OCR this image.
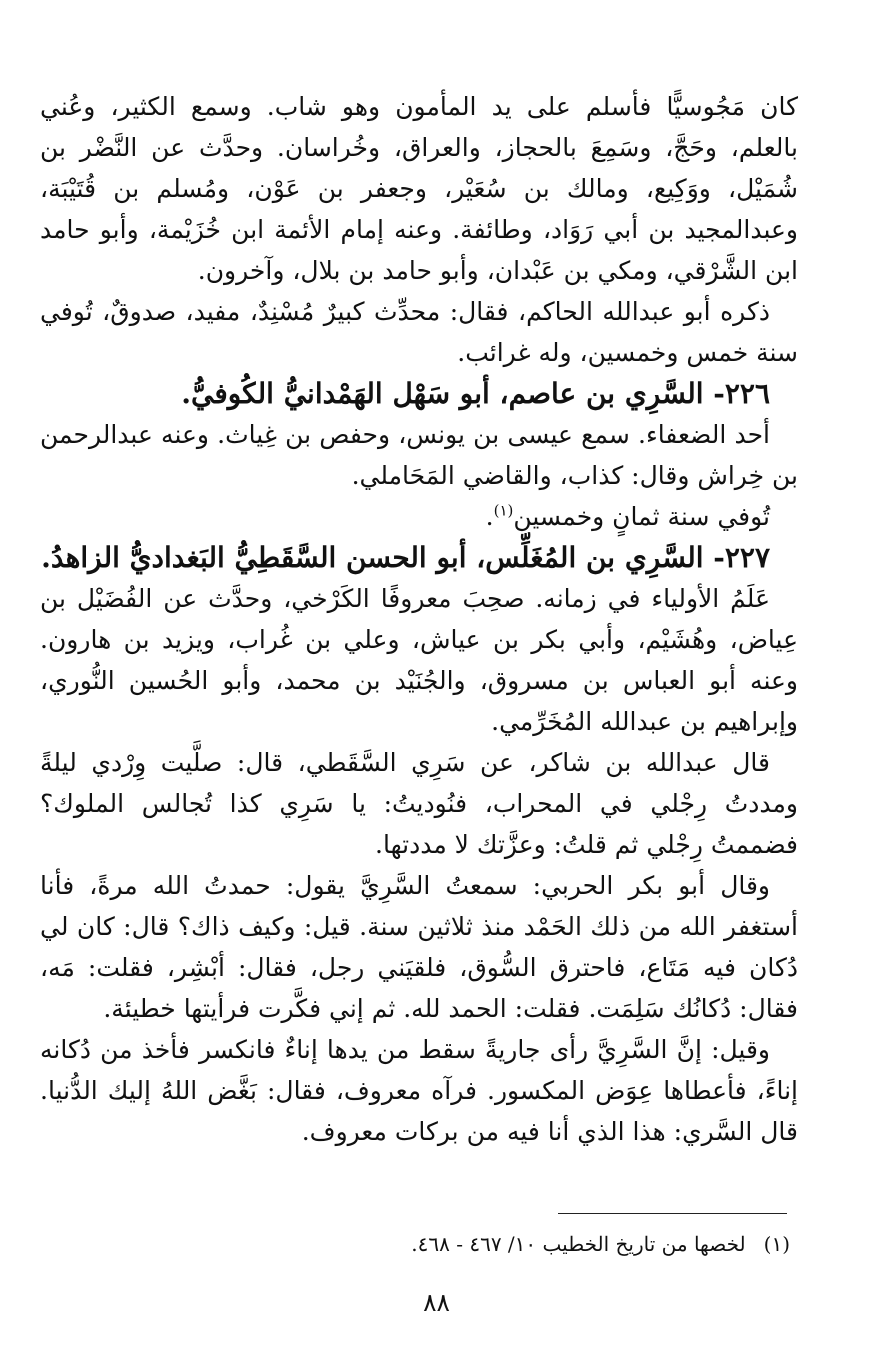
كان مَجُوسيًّا فأسلم على يد المأمون وهو شاب. وسمع الكثير، وعُني بالعلم، وحَجَّ، وسَمِعَ بالحجاز، والعراق، وخُراسان. وحدَّث عن النَّضْر بن شُمَيْل، ووَكِيع، ومالك بن سُعَيْر، وجعفر بن عَوْن، ومُسلم بن قُتَيْبَة، وعبدالمجيد بن أبي رَوَاد، وطائفة. وعنه إمام الأئمة ابن خُزَيْمة، وأبو حامد ابن الشَّرْقي، ومكي بن عَبْدان، وأبو حامد بن بلال، وآخرون.

ذكره أبو عبدالله الحاكم، فقال: محدِّث كبيرٌ مُسْنِدٌ، مفيد، صدوقٌ، تُوفي سنة خمس وخمسين، وله غرائب.

٢٢٦- السَّرِي بن عاصم، أبو سَهْل الهَمْدانيُّ الكُوفيُّ.

أحد الضعفاء. سمع عيسى بن يونس، وحفص بن غِياث. وعنه عبدالرحمن بن خِراش وقال: كذاب، والقاضي المَحَاملي.

تُوفي سنة ثمانٍ وخمسين$^{(١)}$.

٢٢٧- السَّرِي بن المُغَلِّس، أبو الحسن السَّقَطِيُّ البَغداديُّ الزاهدُ.

عَلَمُ الأولياء في زمانه. صحِبَ معروفًا الكَرْخي، وحدَّث عن الفُضَيْل بن عِياض، وهُشَيْم، وأبي بكر بن عياش، وعلي بن غُراب، ويزيد بن هارون. وعنه أبو العباس بن مسروق، والجُنَيْد بن محمد، وأبو الحُسين النُّوري، وإبراهيم بن عبدالله المُخَرِّمي.

قال عبدالله بن شاكر، عن سَرِي السَّقَطي، قال: صلَّيت وِرْدي ليلةً ومددتُ رِجْلي في المحراب، فنُوديتُ: يا سَرِي كذا تُجالس الملوك؟ فضممتُ رِجْلي ثم قلتُ: وعزَّتك لا مددتها.

وقال أبو بكر الحربي: سمعتُ السَّرِيَّ يقول: حمدتُ الله مرةً، فأنا أستغفر الله من ذلك الحَمْد منذ ثلاثين سنة. قيل: وكيف ذاك؟ قال: كان لي دُكان فيه مَتَاع، فاحترق السُّوق، فلقيَني رجل، فقال: أبْشِر، فقلت: مَه، فقال: دُكانُك سَلِمَت. فقلت: الحمد لله. ثم إني فكَّرت فرأيتها خطيئة.

وقيل: إنَّ السَّرِيَّ رأى جاريةً سقط من يدها إناءٌ فانكسر فأخذ من دُكانه إناءً، فأعطاها عِوَض المكسور. فرآه معروف، فقال: بَغَّض اللهُ إليك الدُّنيا. قال السَّري: هذا الذي أنا فيه من بركات معروف.

(١)لخصها من تاريخ الخطيب ١٠/ ٤٦٧ - ٤٦٨.

٨٨
